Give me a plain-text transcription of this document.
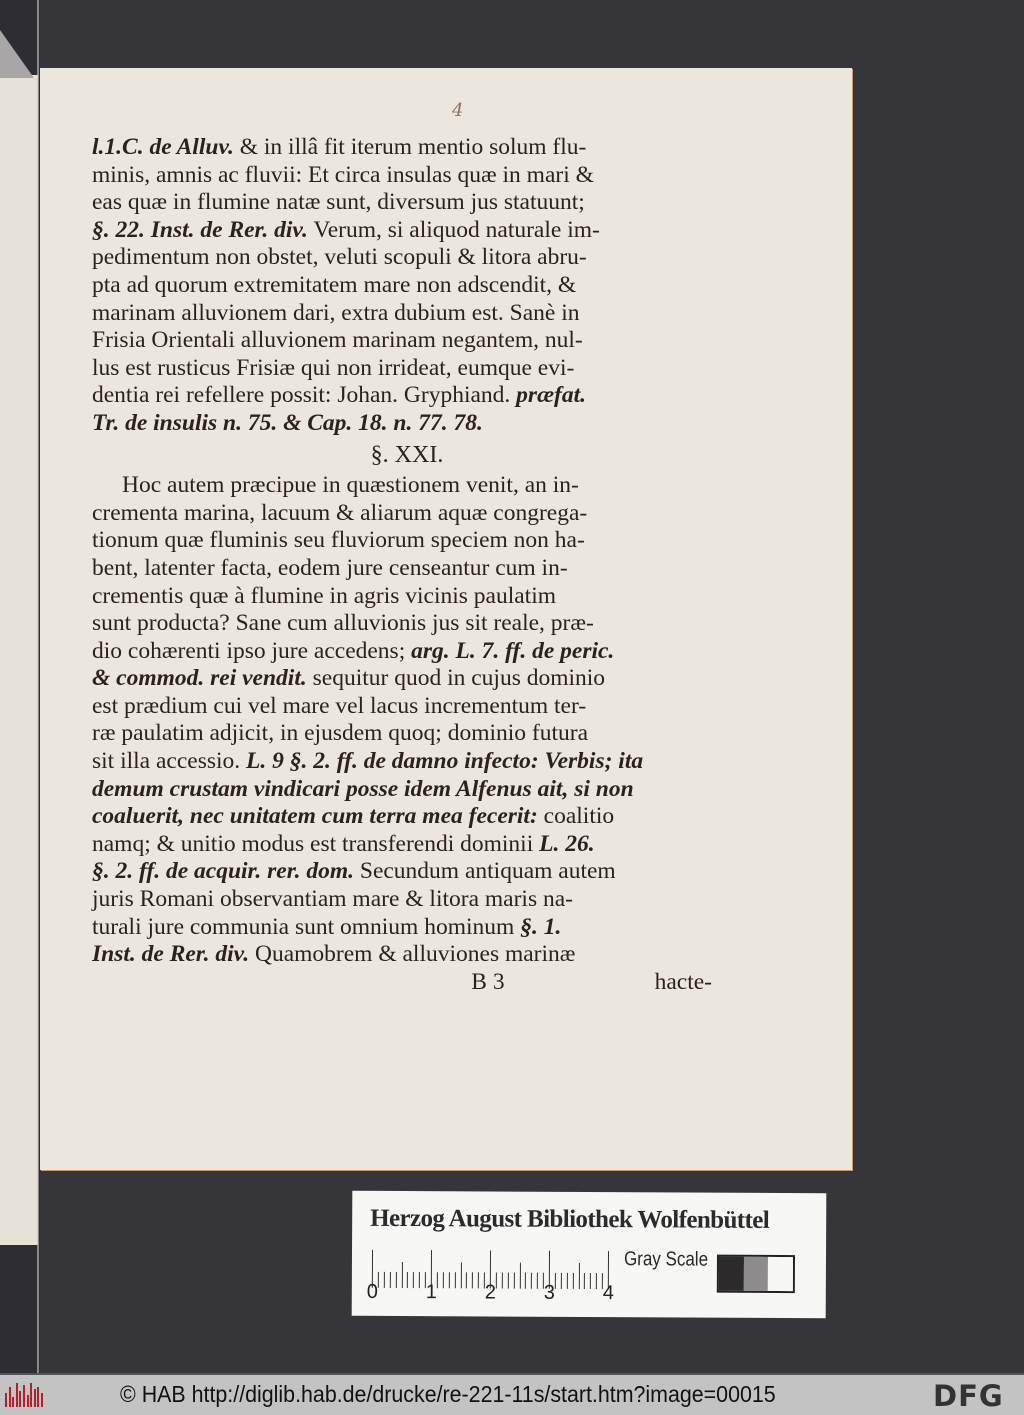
4
l.1.C. de Alluv. & in illâ fit iterum mentio solum flu-
minis, amnis ac fluvii: Et circa insulas quæ in mari &
eas quæ in flumine natæ sunt, diversum jus statuunt;
§. 22. Inst. de Rer. div. Verum, si aliquod naturale im-
pedimentum non obstet, veluti scopuli & litora abru-
pta ad quorum extremitatem mare non adscendit, &
marinam alluvionem dari, extra dubium est. Sanè in
Frisia Orientali alluvionem marinam negantem, nul-
lus est rusticus Frisiæ qui non irrideat, eumque evi-
dentia rei refellere possit: Johan. Gryphiand. præfat.
Tr. de insulis n. 75. & Cap. 18. n. 77. 78.
§. XXI.
Hoc autem præcipue in quæstionem venit, an in-
crementa marina, lacuum & aliarum aquæ congrega-
tionum quæ fluminis seu fluviorum speciem non ha-
bent, latenter facta, eodem jure censeantur cum in-
crementis quæ à flumine in agris vicinis paulatim
sunt producta? Sane cum alluvionis jus sit reale, præ-
dio cohærenti ipso jure accedens; arg. L. 7. ff. de peric.
& commod. rei vendit. sequitur quod in cujus dominio
est prædium cui vel mare vel lacus incrementum ter-
ræ paulatim adjicit, in ejusdem quoq; dominio futura
sit illa accessio. L. 9 §. 2. ff. de damno infecto: Verbis; ita
demum crustam vindicari posse idem Alfenus ait, si non
coaluerit, nec unitatem cum terra mea fecerit: coalitio
namq; & unitio modus est transferendi dominii L. 26.
§. 2. ff. de acquir. rer. dom. Secundum antiquam autem
juris Romani observantiam mare & litora maris na-
turali jure communia sunt omnium hominum §. 1.
Inst. de Rer. div. Quamobrem & alluviones marinæ
B 3	hacte-
Herzog August Bibliothek Wolfenbüttel
0 1 2 3 4
Gray Scale
© HAB http://diglib.hab.de/drucke/re-221-11s/start.htm?image=00015	DFG
